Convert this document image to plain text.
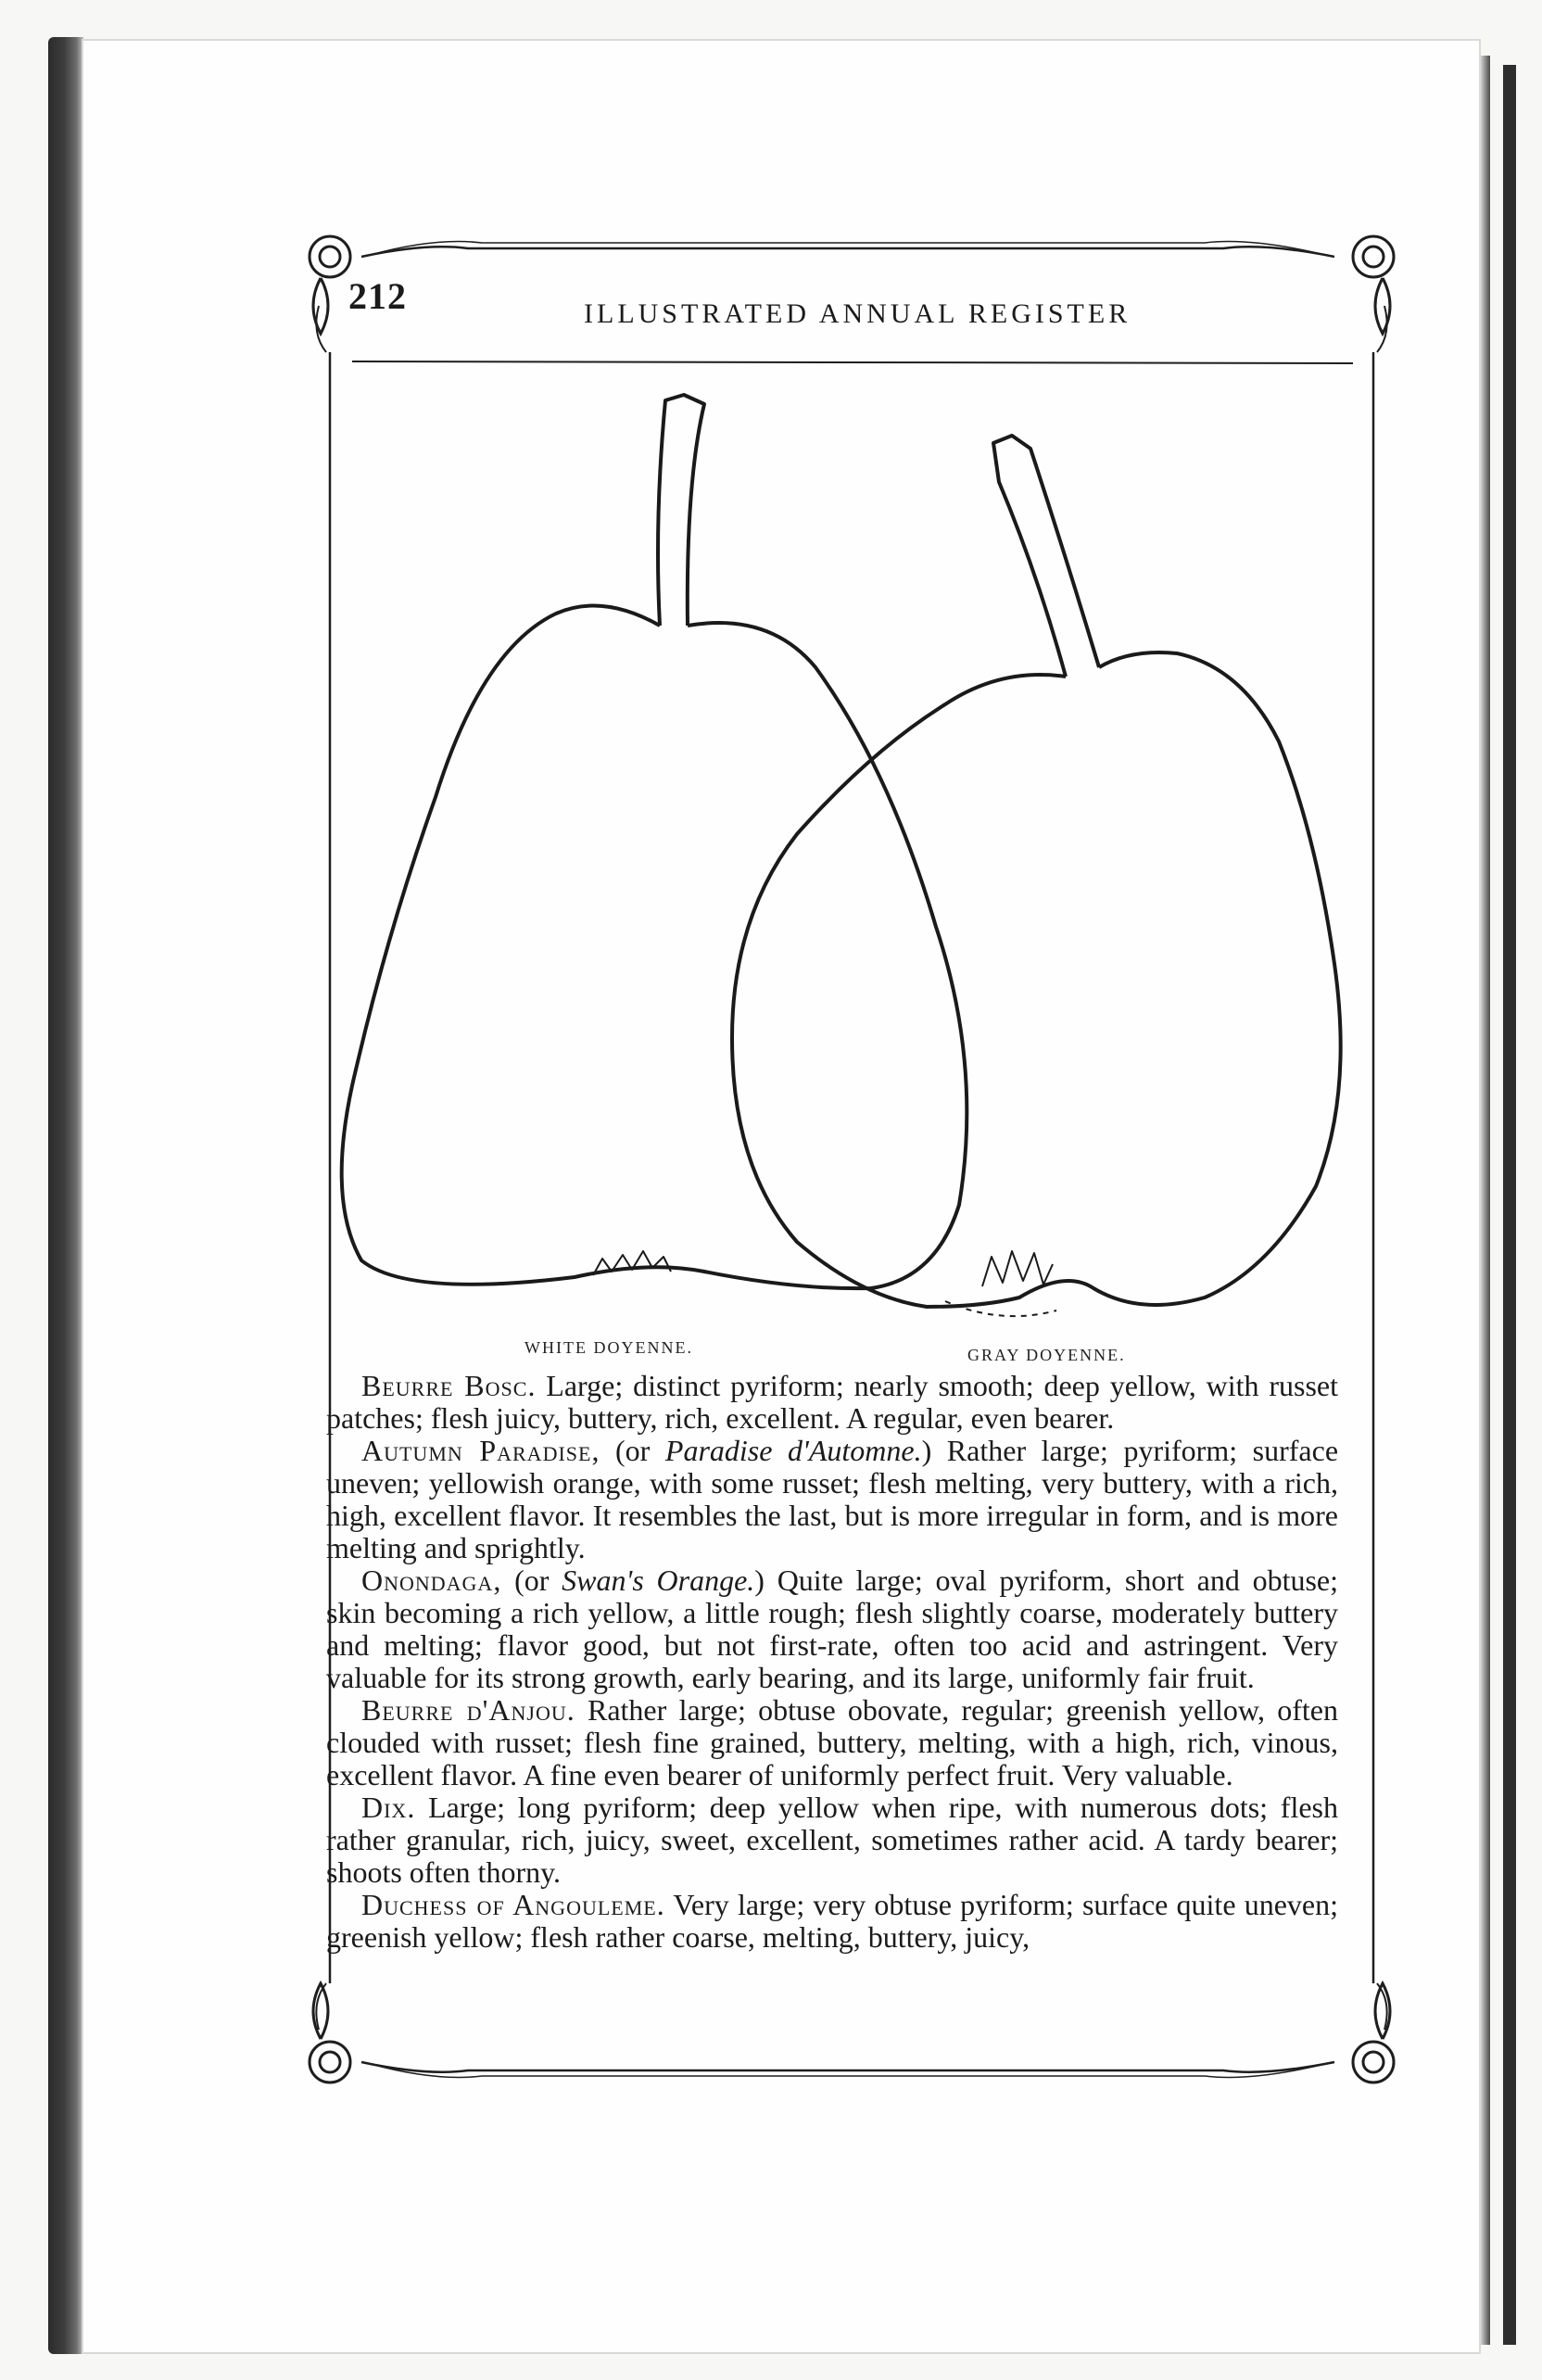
212	ILLUSTRATED ANNUAL REGISTER
WHITE DOYENNE.	GRAY DOYENNE.

Beurre Bosc. Large; distinct pyriform; nearly smooth; deep yellow, with russet patches; flesh juicy, buttery, rich, excellent. A regular, even bearer.

Autumn Paradise, (or Paradise d'Automne.) Rather large; pyriform; surface uneven; yellowish orange, with some russet; flesh melting, very buttery, with a rich, high, excellent flavor. It resembles the last, but is more irregular in form, and is more melting and sprightly.

Onondaga, (or Swan's Orange.) Quite large; oval pyriform, short and obtuse; skin becoming a rich yellow, a little rough; flesh slightly coarse, moderately buttery and melting; flavor good, but not first-rate, often too acid and astringent. Very valuable for its strong growth, early bearing, and its large, uniformly fair fruit.

Beurre d'Anjou. Rather large; obtuse obovate, regular; greenish yellow, often clouded with russet; flesh fine grained, buttery, melting, with a high, rich, vinous, excellent flavor. A fine even bearer of uniformly perfect fruit. Very valuable.

Dix. Large; long pyriform; deep yellow when ripe, with numerous dots; flesh rather granular, rich, juicy, sweet, excellent, sometimes rather acid. A tardy bearer; shoots often thorny.

Duchess of Angouleme. Very large; very obtuse pyriform; surface quite uneven; greenish yellow; flesh rather coarse, melting, buttery, juicy,
